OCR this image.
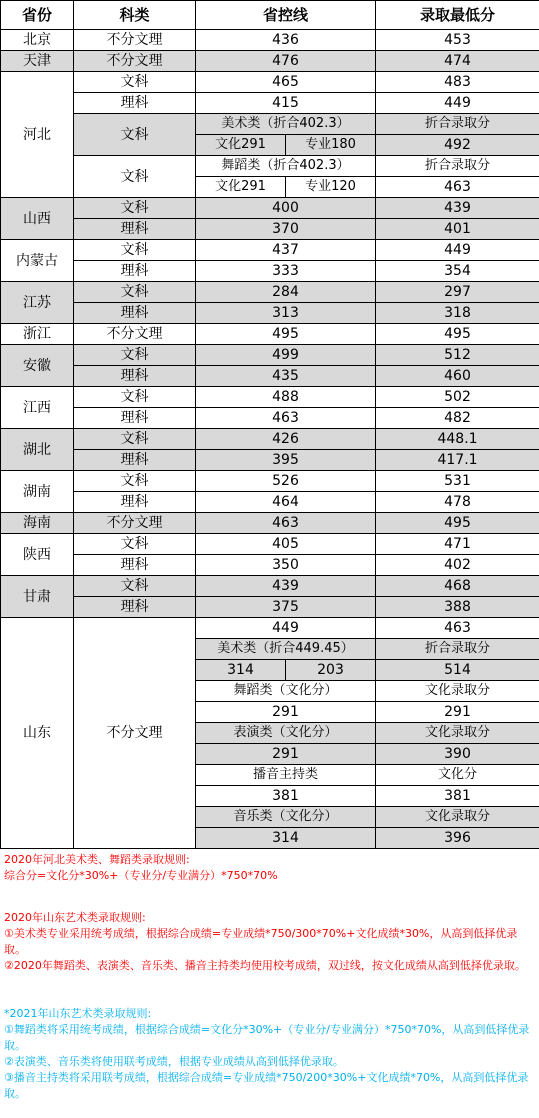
省份	科类	省控线		录取最低分
北京	不分文理	436		453
天津	不分文理	476		474
河北	文科	465		483
	理科	415		449
	文科	美术类（折合402.3）		折合录取分
		文化291	专业180	492
	文科	舞蹈类（折合402.3）		折合录取分
		文化291	专业120	463
山西	文科	400		439
	理科	370		401
内蒙古	文科	437		449
	理科	333		354
江苏	文科	284		297
	理科	313		318
浙江	不分文理	495		495
安徽	文科	499		512
	理科	435		460
江西	文科	488		502
	理科	463		482
湖北	文科	426		448.1
	理科	395		417.1
湖南	文科	526		531
	理科	464		478
海南	不分文理	463		495
陕西	文科	405		471
	理科	350		402
甘肃	文科	439		468
	理科	375		388
山东	不分文理	449		463
		美术类（折合449.45）		折合录取分
		314	203	514
		舞蹈类（文化分）		文化录取分
		291		291
		表演类（文化分）		文化录取分
		291		390
		播音主持类		文化分
		381		381
		音乐类（文化分）		文化录取分
		314		396

2020年河北美术类、舞蹈类录取规则:

综合分=文化分*30%+（专业分/专业满分）*750*70%

2020年山东艺术类录取规则:

①美术类专业采用统考成绩，根据综合成绩=专业成绩*750/300*70%+文化成绩*30%，从高到低择优录取。

②2020年舞蹈类、表演类、音乐类、播音主持类均使用校考成绩，双过线，按文化成绩从高到低择优录取。

*2021年山东艺术类录取规则:

①舞蹈类将采用统考成绩，根据综合成绩=文化分*30%+（专业分/专业满分）*750*70%，从高到低择优录取。

②表演类、音乐类将使用联考成绩，根据专业成绩从高到低择优录取。

③播音主持类将采用联考成绩，根据综合成绩=专业成绩*750/200*30%+文化成绩*70%，从高到低择优录取。
